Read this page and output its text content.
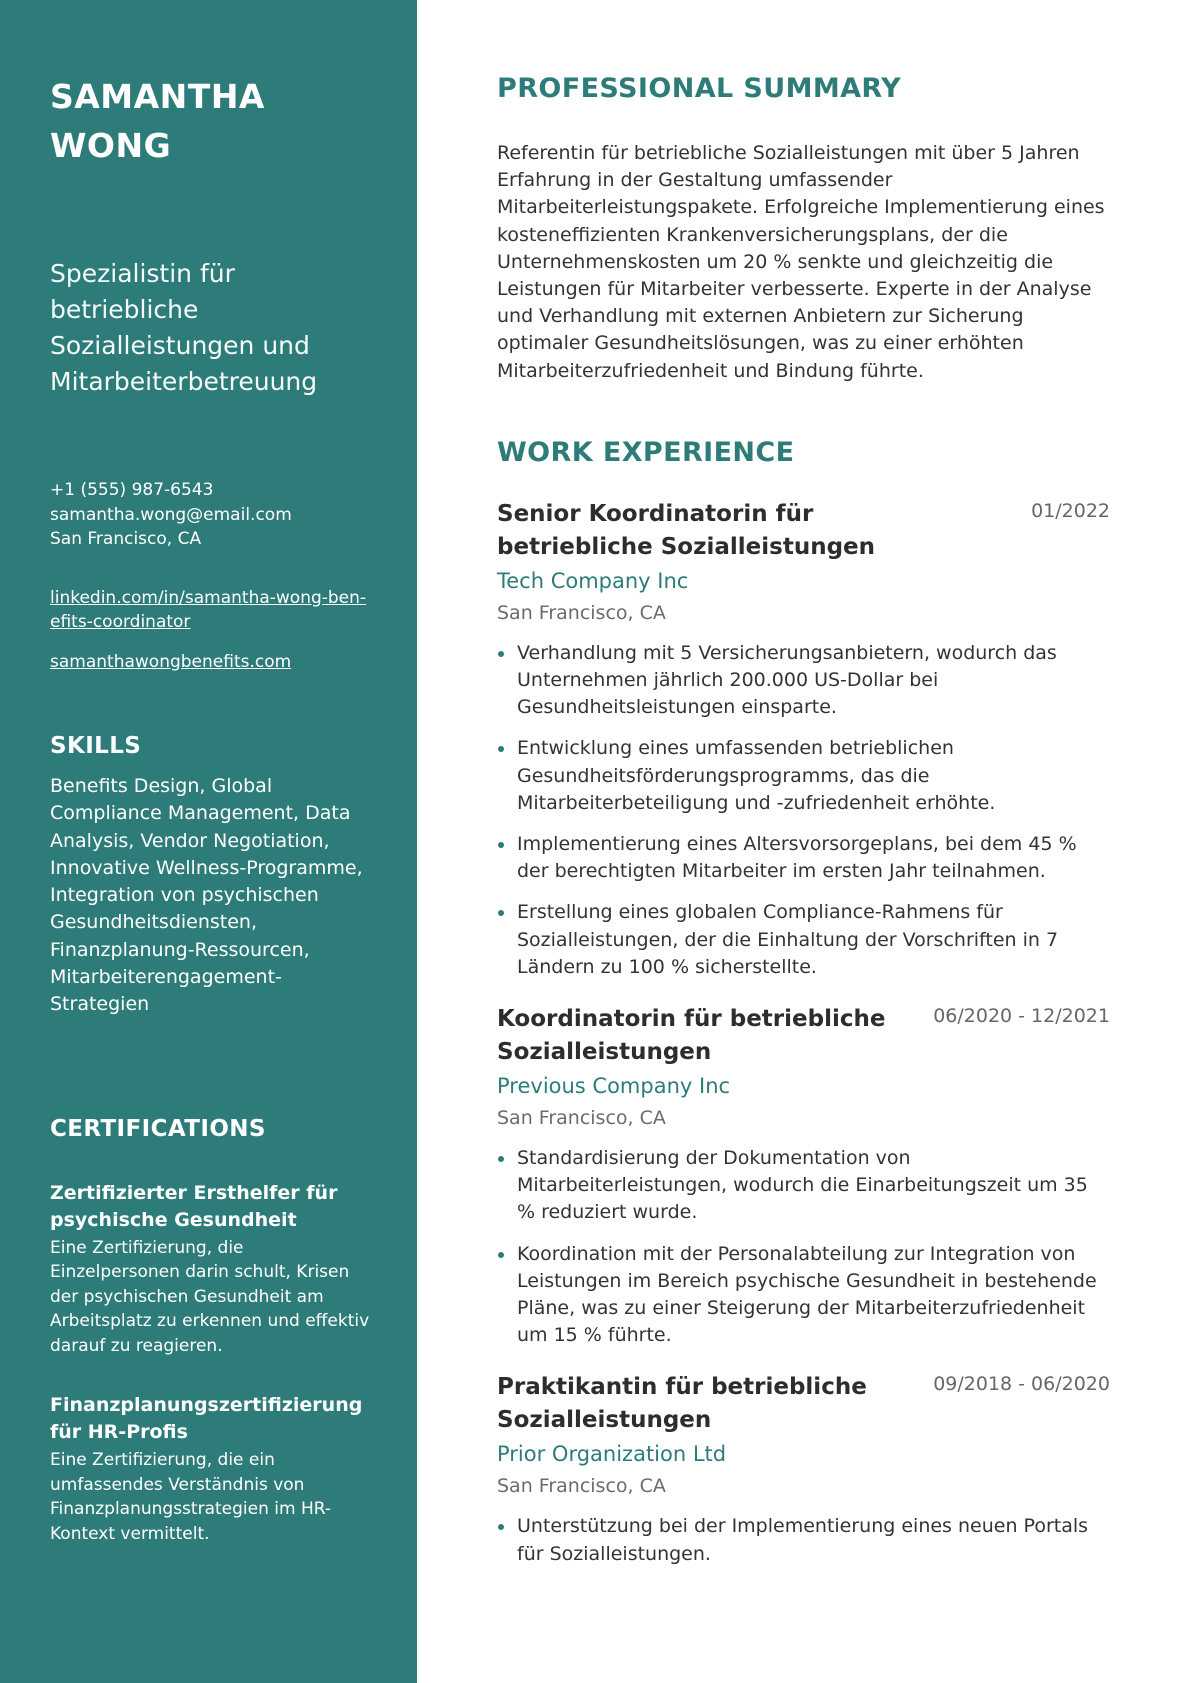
SAMANTHA
WONG
Spezialistin für betriebliche Sozialleistungen und Mitarbeiterbetreuung
+1 (555) 987-6543
samantha.wong@email.com
San Francisco, CA
linkedin.com/in/samantha-wong-ben-
efits-coordinator
samanthawongbenefits.com
SKILLS
Benefits Design, Global Compliance Management, Data Analysis, Vendor Negotiation, Innovative Wellness-Programme, Integration von psychischen Gesundheitsdiensten, Finanzplanung-Ressourcen, Mitarbeiterengagement-Strategien
CERTIFICATIONS
Zertifizierter Ersthelfer für psychische Gesundheit
Eine Zertifizierung, die Einzelpersonen darin schult, Krisen der psychischen Gesundheit am Arbeitsplatz zu erkennen und effektiv darauf zu reagieren.
Finanzplanungszertifizierung für HR-Profis
Eine Zertifizierung, die ein umfassendes Verständnis von Finanzplanungsstrategien im HR-Kontext vermittelt.
PROFESSIONAL SUMMARY
Referentin für betriebliche Sozialleistungen mit über 5 Jahren Erfahrung in der Gestaltung umfassender Mitarbeiterleistungspakete. Erfolgreiche Implementierung eines kosteneffizienten Krankenversicherungsplans, der die Unternehmenskosten um 20 % senkte und gleichzeitig die Leistungen für Mitarbeiter verbesserte. Experte in der Analyse und Verhandlung mit externen Anbietern zur Sicherung optimaler Gesundheitslösungen, was zu einer erhöhten Mitarbeiterzufriedenheit und Bindung führte.
WORK EXPERIENCE
Senior Koordinatorin für betriebliche Sozialleistungen
01/2022
Tech Company Inc
San Francisco, CA
Verhandlung mit 5 Versicherungsanbietern, wodurch das Unternehmen jährlich 200.000 US-Dollar bei Gesundheitsleistungen einsparte.
Entwicklung eines umfassenden betrieblichen Gesundheitsförderungsprogramms, das die Mitarbeiterbeteiligung und -zufriedenheit erhöhte.
Implementierung eines Altersvorsorgeplans, bei dem 45 % der berechtigten Mitarbeiter im ersten Jahr teilnahmen.
Erstellung eines globalen Compliance-Rahmens für Sozialleistungen, der die Einhaltung der Vorschriften in 7 Ländern zu 100 % sicherstellte.
Koordinatorin für betriebliche Sozialleistungen
06/2020 - 12/2021
Previous Company Inc
San Francisco, CA
Standardisierung der Dokumentation von Mitarbeiterleistungen, wodurch die Einarbeitungszeit um 35 % reduziert wurde.
Koordination mit der Personalabteilung zur Integration von Leistungen im Bereich psychische Gesundheit in bestehende Pläne, was zu einer Steigerung der Mitarbeiterzufriedenheit um 15 % führte.
Praktikantin für betriebliche Sozialleistungen
09/2018 - 06/2020
Prior Organization Ltd
San Francisco, CA
Unterstützung bei der Implementierung eines neuen Portals für Sozialleistungen.
